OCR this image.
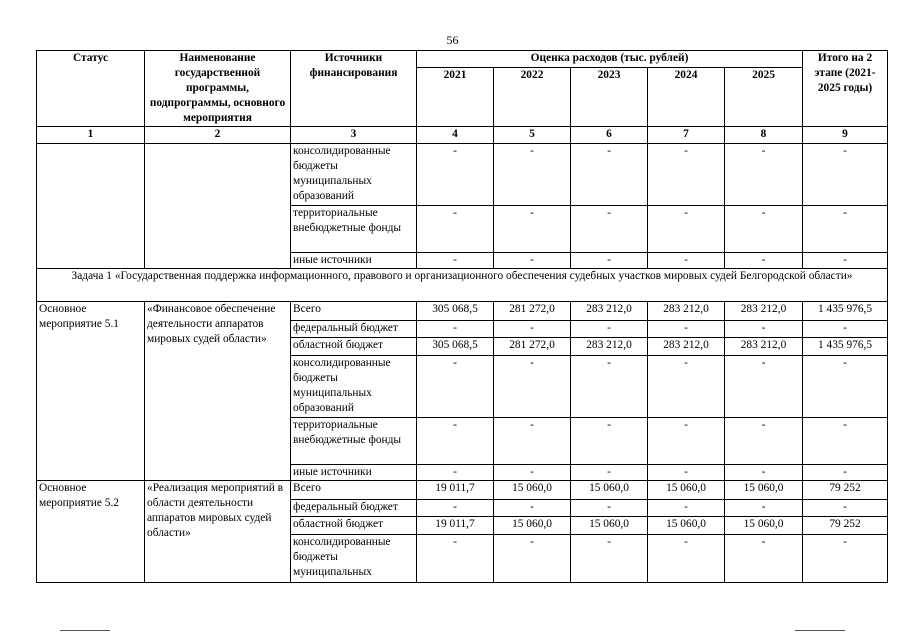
56
Статус	Наименование государственной программы, подпрограммы, основного мероприятия	Источники финансирования	Оценка расходов (тыс. рублей)					Итого на 2 этапе (2021-2025 годы)
			2021	2022	2023	2024	2025	
1	2	3	4	5	6	7	8	9
		консолидированные бюджеты муниципальных образований	-	-	-	-	-	-
		территориальные внебюджетные фонды	-	-	-	-	-	-
		иные источники	-	-	-	-	-	-
Задача 1 «Государственная поддержка информационного, правового и организационного обеспечения судебных участков мировых судей Белгородской области»								
Основное мероприятие 5.1	«Финансовое обеспечение деятельности аппаратов мировых судей области»	Всего	305 068,5	281 272,0	283 212,0	283 212,0	283 212,0	1 435 976,5
		федеральный бюджет	-	-	-	-	-	-
		областной бюджет	305 068,5	281 272,0	283 212,0	283 212,0	283 212,0	1 435 976,5
		консолидированные бюджеты муниципальных образований	-	-	-	-	-	-
		территориальные внебюджетные фонды	-	-	-	-	-	-
		иные источники	-	-	-	-	-	-
Основное мероприятие 5.2	«Реализация мероприятий в области деятельности аппаратов мировых судей области»	Всего	19 011,7	15 060,0	15 060,0	15 060,0	15 060,0	79 252
		федеральный бюджет	-	-	-	-	-	-
		областной бюджет	19 011,7	15 060,0	15 060,0	15 060,0	15 060,0	79 252
		консолидированные бюджеты муниципальных	-	-	-	-	-	-
